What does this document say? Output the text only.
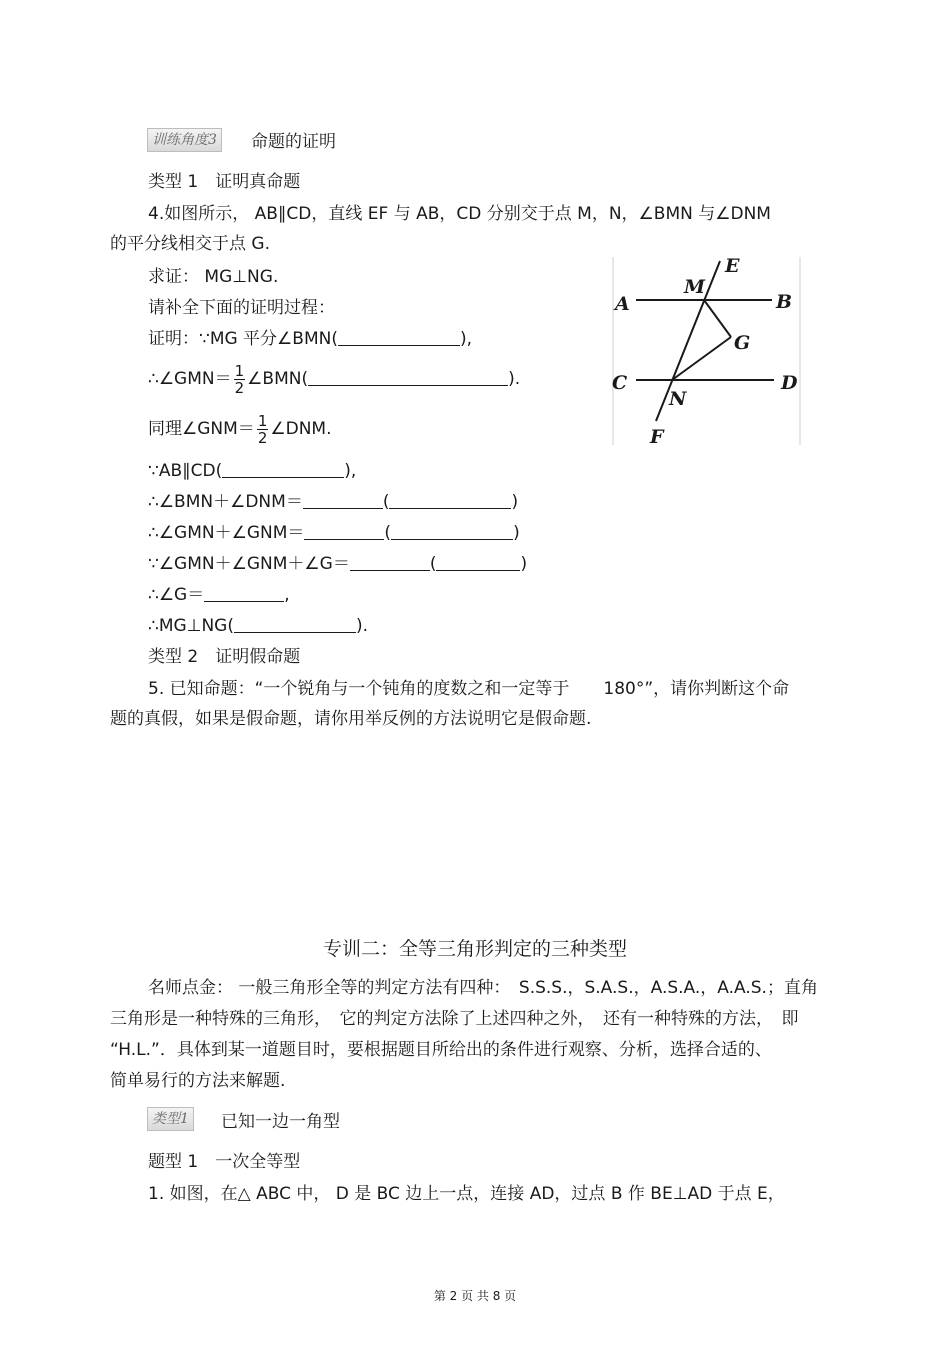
训练角度3 命题的证明
类型 1　证明真命题
4.如图所示， AB∥CD，直线 EF 与 AB，CD 分别交于点 M，N，∠BMN 与∠DNM
的平分线相交于点 G.
求证： MG⊥NG.
请补全下面的证明过程：
证明：∵MG 平分∠BMN(	),
∴∠GMN＝ $\frac{1}{2}$ ∠BMN(	).
同理∠GNM＝ $\frac{1}{2}$ ∠DNM.
∵AB∥CD(	),
∴∠BMN＋∠DNM＝	(	)
∴∠GMN＋∠GNM＝	(	)
∵∠GMN＋∠GNM＋∠G＝	(	)
∴∠G＝	,
∴MG⊥NG(	).
A	B
C	D
E
F
M
N
G
类型 2　证明假命题
5. 已知命题：“一个锐角与一个钝角的度数之和一定等于　　180°”，请你判断这个命
题的真假，如果是假命题，请你用举反例的方法说明它是假命题.
专训二：全等三角形判定的三种类型
名师点金： 一般三角形全等的判定方法有四种：　S.S.S.，S.A.S.，A.S.A.，A.A.S.；直角
三角形是一种特殊的三角形，　它的判定方法除了上述四种之外，　还有一种特殊的方法，　即
“H.L.”．具体到某一道题目时，要根据题目所给出的条件进行观察、分析，选择合适的、
简单易行的方法来解题.
类型1 已知一边一角型
题型 1　一次全等型
1. 如图，在△ ABC 中， D 是 BC 边上一点，连接 AD，过点 B 作 BE⊥AD 于点 E，
第 2 页 共 8 页
